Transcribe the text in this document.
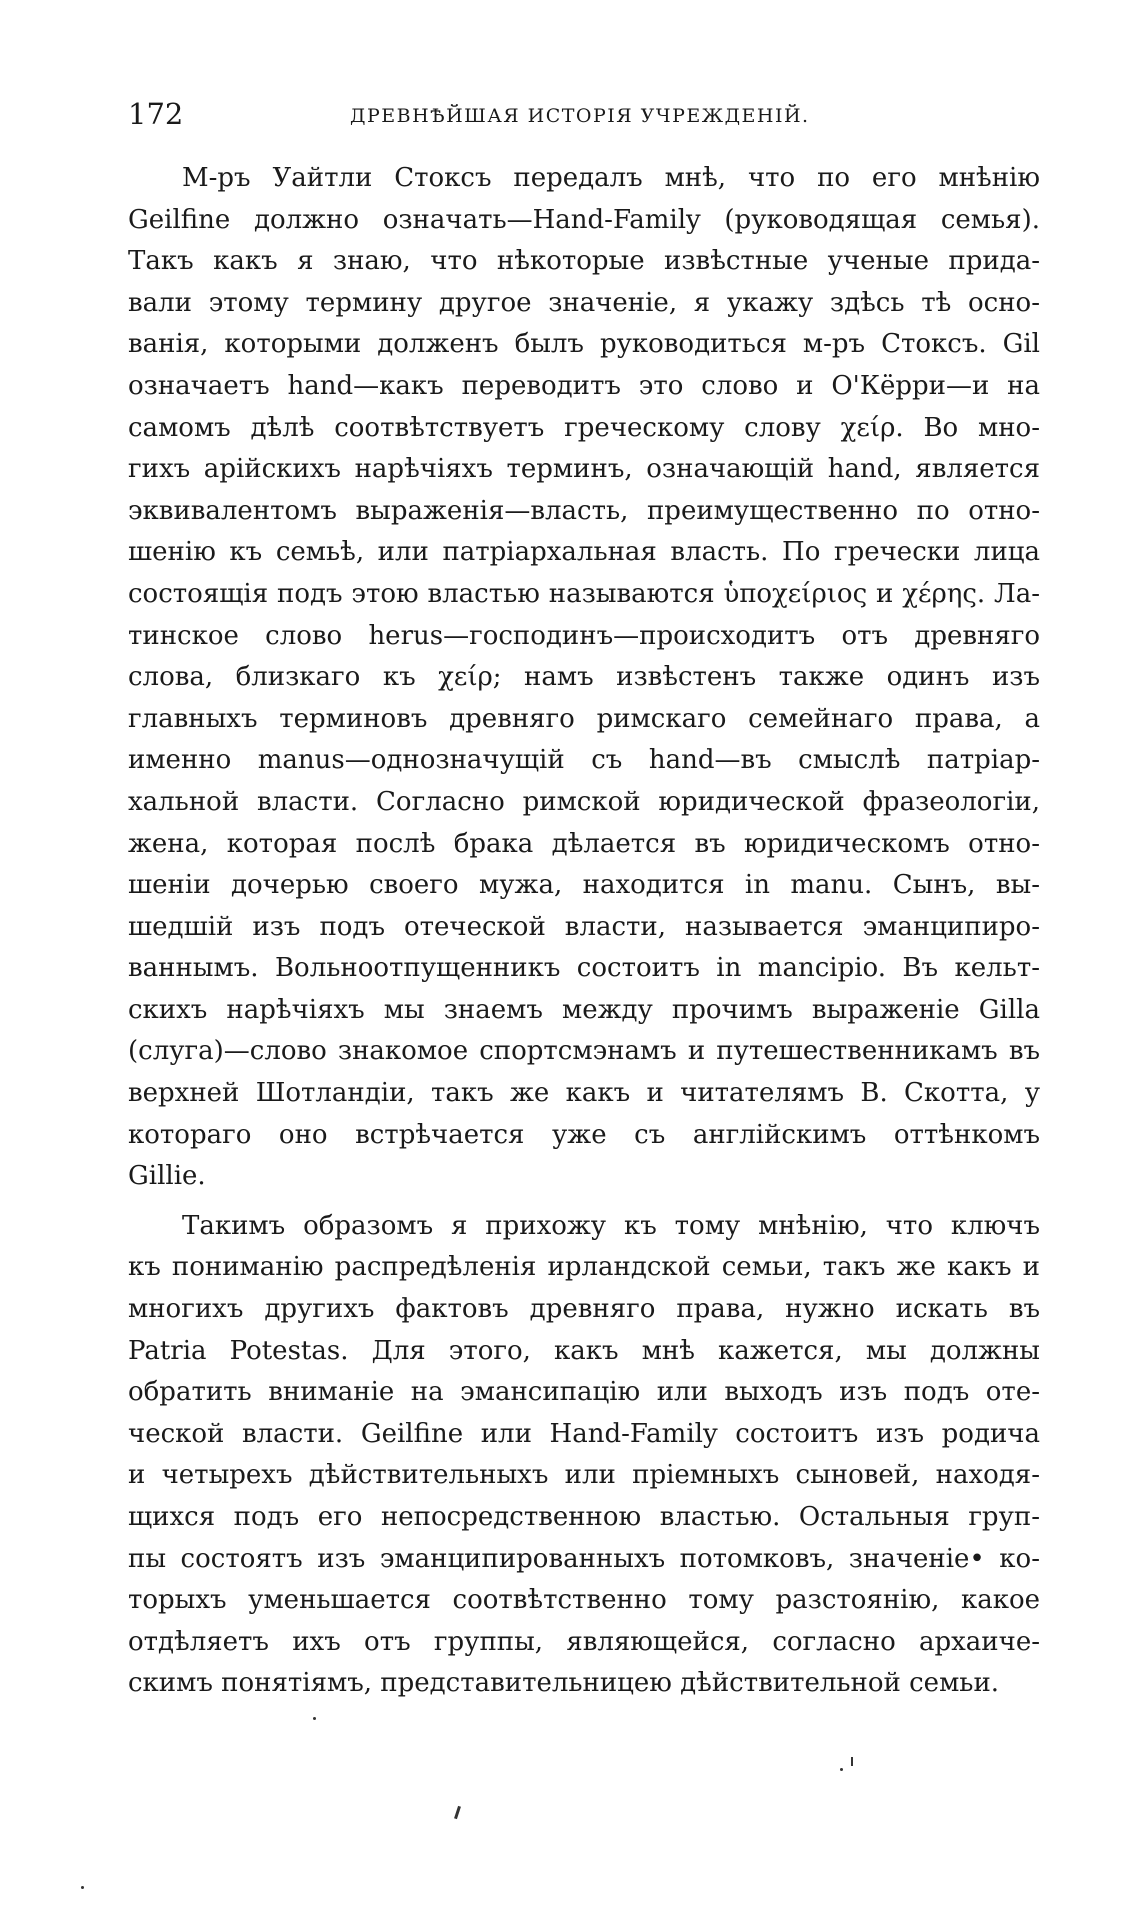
172	ДРЕВНѢЙШАЯ ИСТОРІЯ УЧРЕЖДЕНІЙ.
М-ръ Уайтли Стоксъ передалъ мнѣ, что по его мнѣнію
Geilfine должно означать—Hand-Family (руководящая семья).
Такъ какъ я знаю, что нѣкоторые извѣстные ученые прида-
вали этому термину другое значеніе, я укажу здѣсь тѣ осно-
ванія, которыми долженъ былъ руководиться м-ръ Стоксъ. Gil
означаетъ hand—какъ переводитъ это слово и О'Кёрри—и на
самомъ дѣлѣ соотвѣтствуетъ греческому слову χείρ. Во мно-
гихъ арійскихъ нарѣчіяхъ терминъ, означающій hand, является
эквивалентомъ выраженія—власть, преимущественно по отно-
шенію къ семьѣ, или патріархальная власть. По гречески лица
состоящія подъ этою властью называются ὑποχείριος и χέρης. Ла-
тинское слово herus—господинъ—происходитъ отъ древняго
слова, близкаго къ χείρ; намъ извѣстенъ также одинъ изъ
главныхъ терминовъ древняго римскаго семейнаго права, а
именно manus—однозначущій съ hand—въ смыслѣ патріар-
хальной власти. Согласно римской юридической фразеологіи,
жена, которая послѣ брака дѣлается въ юридическомъ отно-
шеніи дочерью своего мужа, находится in manu. Сынъ, вы-
шедшій изъ подъ отеческой власти, называется эманципиро-
ваннымъ. Вольноотпущенникъ состоитъ in mancipio. Въ кельт-
скихъ нарѣчіяхъ мы знаемъ между прочимъ выраженіе Gilla
(слуга)—слово знакомое спортсмэнамъ и путешественникамъ въ
верхней Шотландіи, такъ же какъ и читателямъ В. Скотта, у
котораго оно встрѣчается уже съ англійскимъ оттѣнкомъ
Gillie.
Такимъ образомъ я прихожу къ тому мнѣнію, что ключъ
къ пониманію распредѣленія ирландской семьи, такъ же какъ и
многихъ другихъ фактовъ древняго права, нужно искать въ
Patria Potestas. Для этого, какъ мнѣ кажется, мы должны
обратить вниманіе на эмансипацію или выходъ изъ подъ оте-
ческой власти. Geilfine или Hand-Family состоитъ изъ родича
и четырехъ дѣйствительныхъ или пріемныхъ сыновей, находя-
щихся подъ его непосредственною властью. Остальныя груп-
пы состоятъ изъ эманципированныхъ потомковъ, значеніе• ко-
торыхъ уменьшается соотвѣтственно тому разстоянію, какое
отдѣляетъ ихъ отъ группы, являющейся, согласно архаиче-
скимъ понятіямъ, представительницею дѣйствительной семьи.
